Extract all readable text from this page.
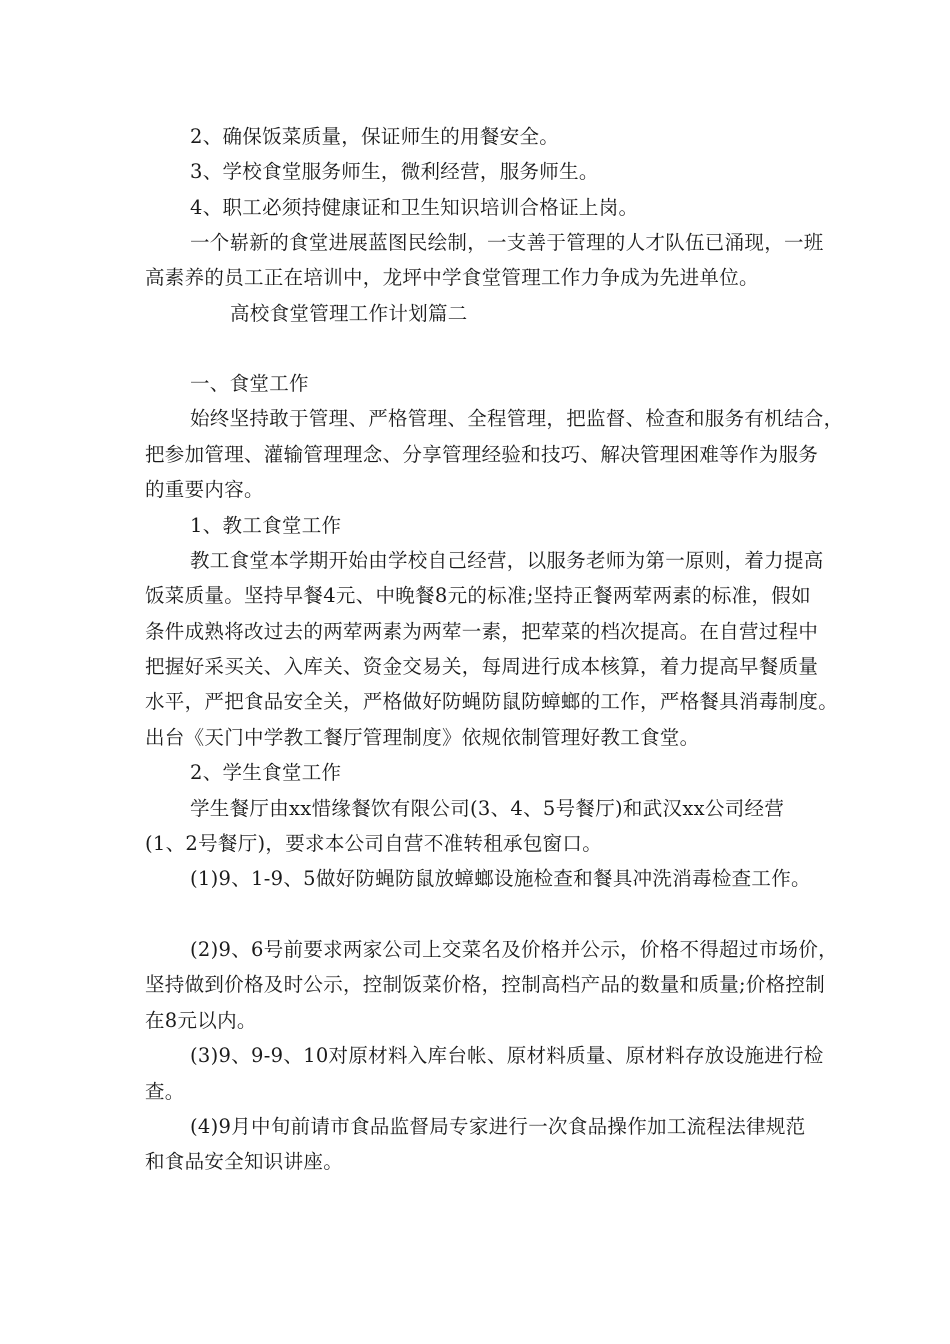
2、确保饭菜质量，保证师生的用餐安全。
3、学校食堂服务师生，微利经营，服务师生。
4、职工必须持健康证和卫生知识培训合格证上岗。
一个崭新的食堂进展蓝图民绘制，一支善于管理的人才队伍已涌现，一班
高素养的员工正在培训中，龙坪中学食堂管理工作力争成为先进单位。
高校食堂管理工作计划篇二
一、食堂工作
始终坚持敢于管理、严格管理、全程管理，把监督、检查和服务有机结合，
把参加管理、灌输管理理念、分享管理经验和技巧、解决管理困难等作为服务
的重要内容。
1、教工食堂工作
教工食堂本学期开始由学校自己经营，以服务老师为第一原则，着力提高
饭菜质量。坚持早餐4元、中晚餐8元的标准;坚持正餐两荤两素的标准，假如
条件成熟将改过去的两荤两素为两荤一素，把荤菜的档次提高。在自营过程中
把握好采买关、入库关、资金交易关，每周进行成本核算，着力提高早餐质量
水平，严把食品安全关，严格做好防蝇防鼠防蟑螂的工作，严格餐具消毒制度。
出台《天门中学教工餐厅管理制度》依规依制管理好教工食堂。
2、学生食堂工作
学生餐厅由xx惜缘餐饮有限公司(3、4、5号餐厅)和武汉xx公司经营
(1、2号餐厅)，要求本公司自营不准转租承包窗口。
(1)9、1-9、5做好防蝇防鼠放蟑螂设施检查和餐具冲洗消毒检查工作。
(2)9、6号前要求两家公司上交菜名及价格并公示，价格不得超过市场价，
坚持做到价格及时公示，控制饭菜价格，控制高档产品的数量和质量;价格控制
在8元以内。
(3)9、9-9、10对原材料入库台帐、原材料质量、原材料存放设施进行检
查。
(4)9月中旬前请市食品监督局专家进行一次食品操作加工流程法律规范
和食品安全知识讲座。
